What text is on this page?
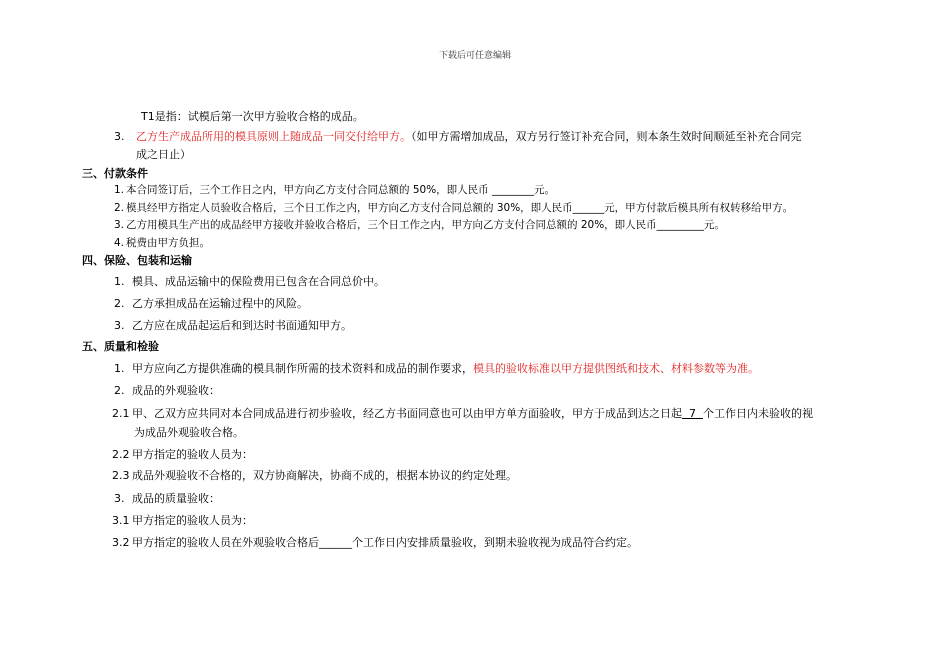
下载后可任意编辑
T1是指：试模后第一次甲方验收合格的成品。
3. 乙方生产成品所用的模具原则上随成品一同交付给甲方。（如甲方需增加成品，双方另行签订补充合同，则本条生效时间顺延至补充合同完
成之日止）
三、付款条件
1. 本合同签订后，三个工作日之内，甲方向乙方支付合同总额的 50%，即人民币 ________元。
2. 模具经甲方指定人员验收合格后，三个日工作之内，甲方向乙方支付合同总额的 30%，即人民币______元，甲方付款后模具所有权转移给甲方。
3. 乙方用模具生产出的成品经甲方接收并验收合格后，三个日工作之内，甲方向乙方支付合同总额的 20%，即人民币_________元。
4. 税费由甲方负担。
四、保险、包装和运输
1. 模具、成品运输中的保险费用已包含在合同总价中。
2. 乙方承担成品在运输过程中的风险。
3. 乙方应在成品起运后和到达时书面通知甲方。
五、质量和检验
1. 甲方应向乙方提供准确的模具制作所需的技术资料和成品的制作要求，模具的验收标准以甲方提供图纸和技术、材料参数等为准。
2. 成品的外观验收：
2.1 甲、乙双方应共同对本合同成品进行初步验收，经乙方书面同意也可以由甲方单方面验收，甲方于成品到达之日起  7  个工作日内未验收的视
为成品外观验收合格。
2.2 甲方指定的验收人员为：
2.3 成品外观验收不合格的，双方协商解决，协商不成的，根据本协议的约定处理。
3. 成品的质量验收：
3.1 甲方指定的验收人员为：
3.2 甲方指定的验收人员在外观验收合格后______个工作日内安排质量验收，到期未验收视为成品符合约定。
